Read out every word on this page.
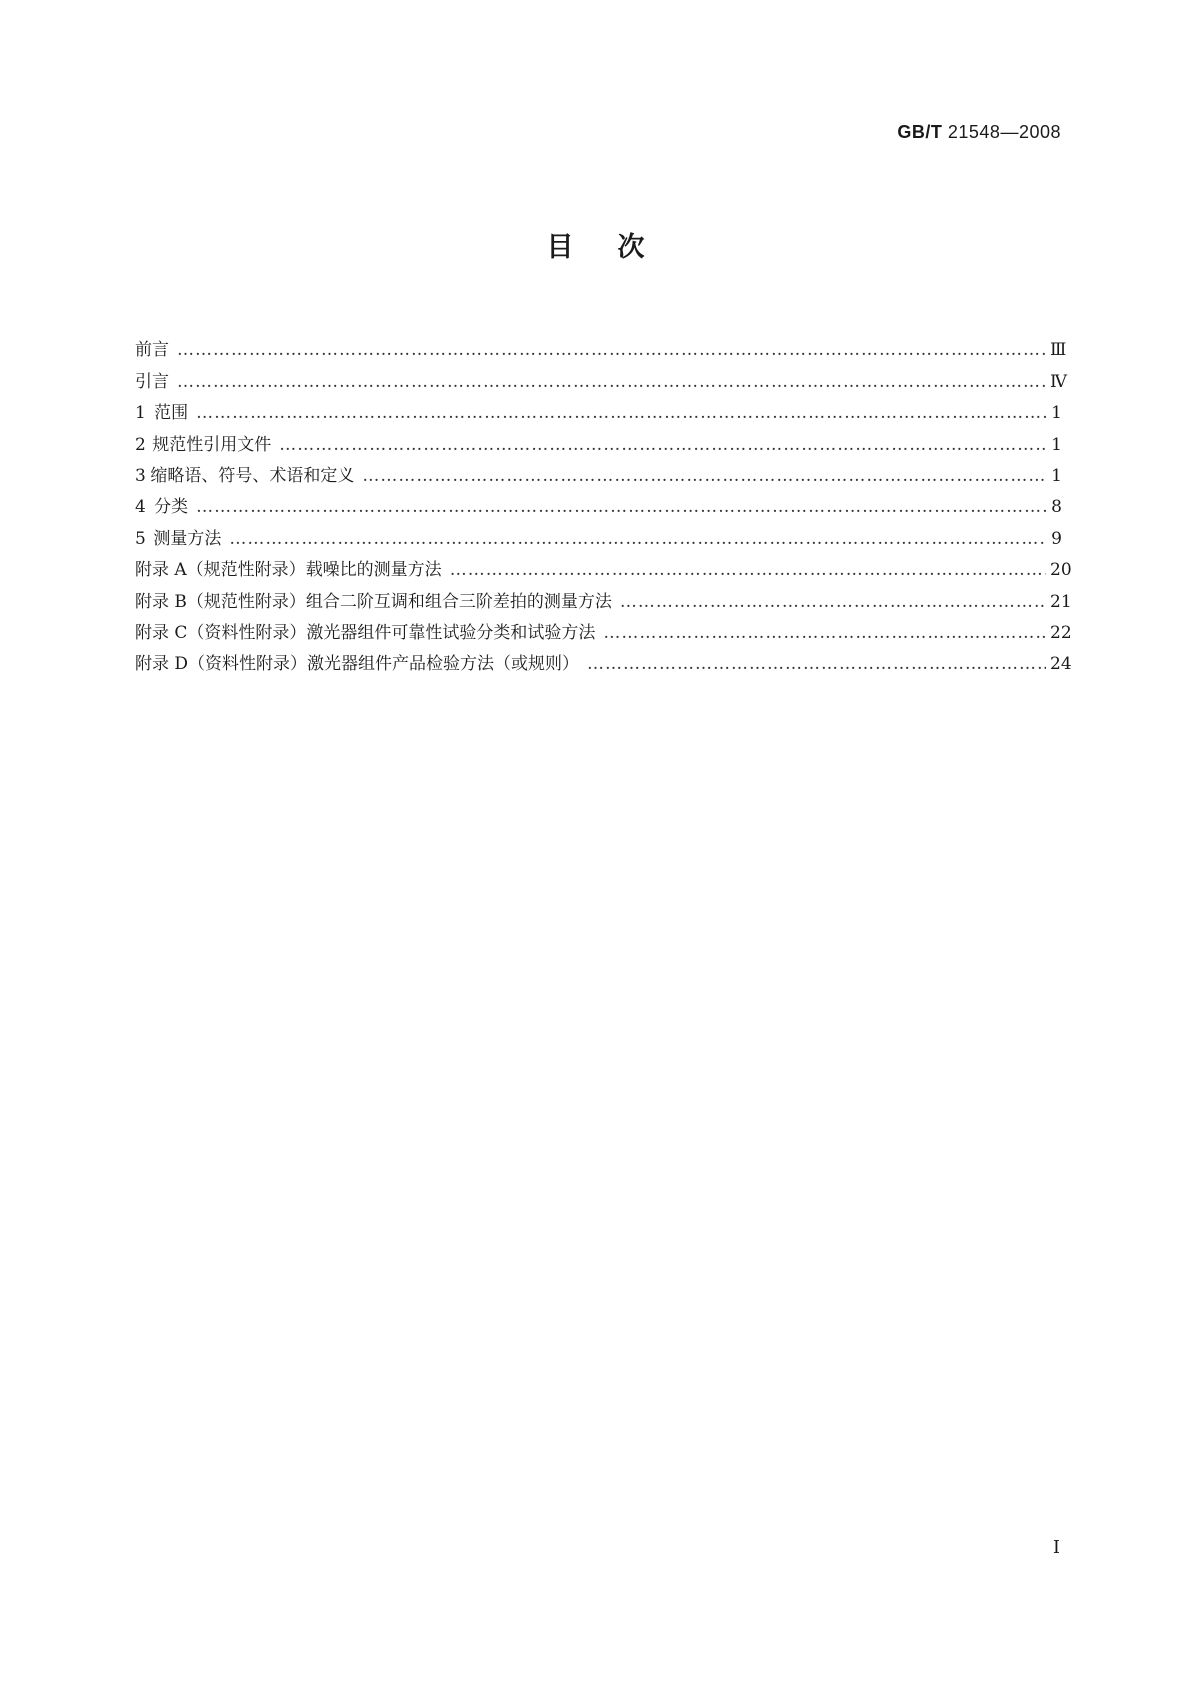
GB/T 21548—2008
目次
前言 ……………………………………………………………………………………………………………………………………………………………………………………………………	Ⅲ
引言 ……………………………………………………………………………………………………………………………………………………………………………………………………	Ⅳ
1 范围 ……………………………………………………………………………………………………………………………………………………………………………………………………	1
2 规范性引用文件 ……………………………………………………………………………………………………………………………………………………………………………………………………	1
3 缩略语、符号、术语和定义 ……………………………………………………………………………………………………………………………………………………………………………………………………	1
4 分类 ……………………………………………………………………………………………………………………………………………………………………………………………………	8
5 测量方法 ……………………………………………………………………………………………………………………………………………………………………………………………………	9
附录 A（规范性附录） 载噪比的测量方法 ……………………………………………………………………………………………………………………………………………………………………………………………………	20
附录 B（规范性附录） 组合二阶互调和组合三阶差拍的测量方法 ……………………………………………………………………………………………………………………………………………………………………………………………………	21
附录 C（资料性附录） 激光器组件可靠性试验分类和试验方法 ……………………………………………………………………………………………………………………………………………………………………………………………………	22
附录 D（资料性附录） 激光器组件产品检验方法（或规则） ……………………………………………………………………………………………………………………………………………………………………………………………………	24
Ⅰ
